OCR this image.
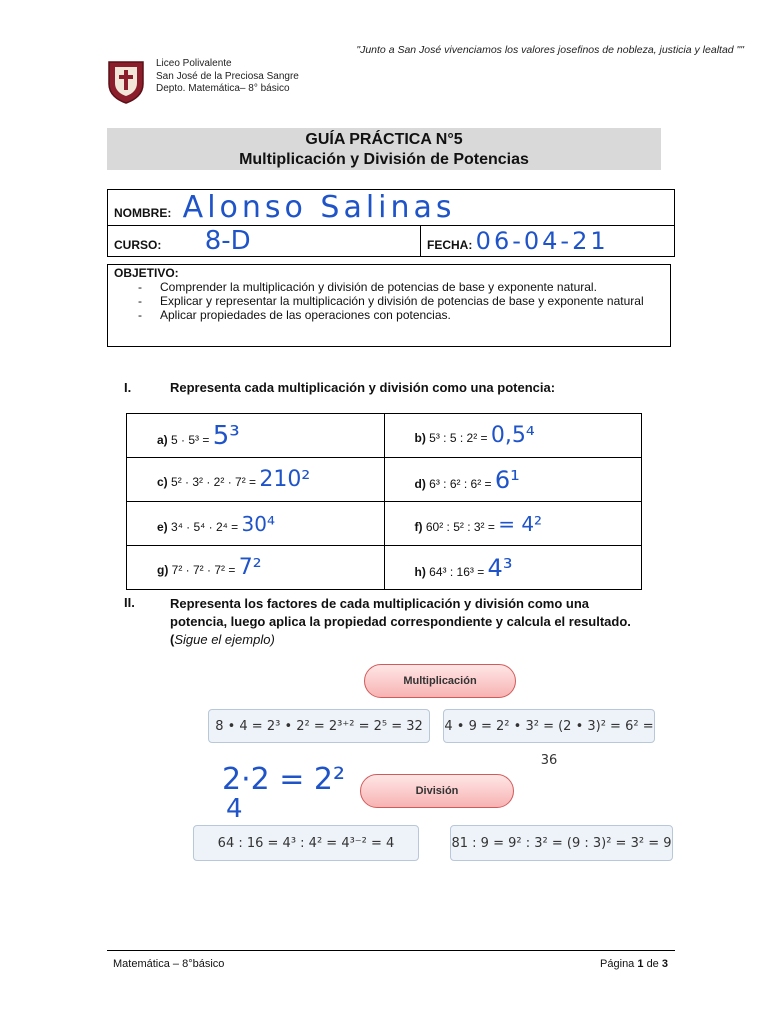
"Junto a San José vivenciamos los valores josefinos de nobleza, justicia y lealtad ""
Liceo Polivalente
San José de la Preciosa Sangre
Depto. Matemática– 8° básico
GUÍA PRÁCTICA N°5
Multiplicación y División de Potencias
NOMBRE: Alonso Salinas
CURSO: 8-D	FECHA: 06-04-21
OBJETIVO:
- Comprender la multiplicación y división de potencias de base y exponente natural.
- Explicar y representar la multiplicación y división de potencias de base y exponente natural
- Aplicar propiedades de las operaciones con potencias.
I.	Representa cada multiplicación y división como una potencia:
a) 5 · 5³ = 5³	b) 5³ : 5 : 2² = 0,5⁴
c) 5² · 3² · 2² · 7² = 210²	d) 6³ : 6² : 6² = 6¹
e) 3⁴ · 5⁴ · 2⁴ = 30⁴	f) 60² : 5² : 3² = = 4²
g) 7² · 7² · 7² = 7²	h) 64³ : 16³ = 4³
II.	Representa los factores de cada multiplicación y división como una
potencia, luego aplica la propiedad correspondiente y calcula el resultado.
(Sigue el ejemplo)
Multiplicación
8 • 4 = 2³ • 2² = 2³⁺² = 2⁵ = 32	4 • 9 = 2² • 3² = (2 • 3)² = 6² = 36
2·2 = 2²
4
División
64 : 16 = 4³ : 4² = 4³⁻² = 4	81 : 9 = 9² : 3² = (9 : 3)² = 3² = 9
Matemática – 8°básico	Página 1 de 3
